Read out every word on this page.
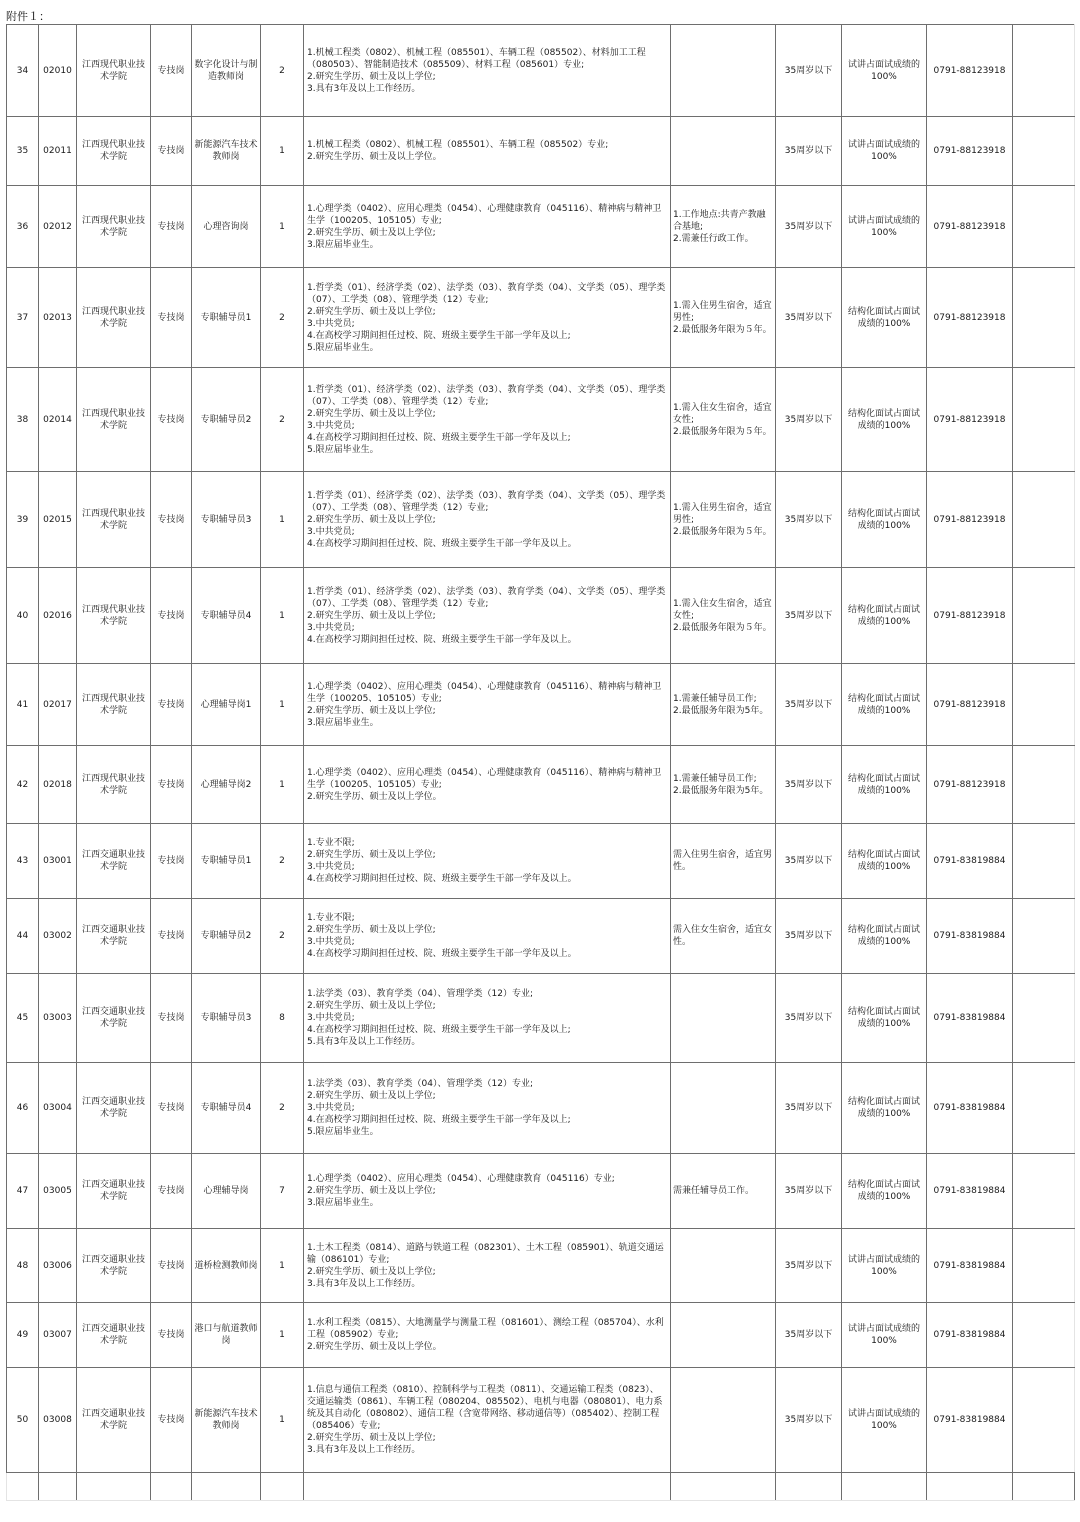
附件１：
34	02010	江西现代职业技术学院	专技岗	数字化设计与制造教师岗	2	1.机械工程类（0802）、机械工程（085501）、车辆工程（085502）、材料加工工程（080503）、智能制造技术（085509）、材料工程（085601）专业;
2.研究生学历、硕士及以上学位;
3.具有3年及以上工作经历。		35周岁以下	试讲占面试成绩的100%	0791-88123918	
35	02011	江西现代职业技术学院	专技岗	新能源汽车技术教师岗	1	1.机械工程类（0802）、机械工程（085501）、车辆工程（085502）专业;
2.研究生学历、硕士及以上学位。		35周岁以下	试讲占面试成绩的100%	0791-88123918	
36	02012	江西现代职业技术学院	专技岗	心理咨询岗	1	1.心理学类（0402）、应用心理类（0454）、心理健康教育（045116）、精神病与精神卫生学（100205、105105）专业;
2.研究生学历、硕士及以上学位;
3.限应届毕业生。	1.工作地点:共青产教融合基地;
2.需兼任行政工作。	35周岁以下	试讲占面试成绩的100%	0791-88123918	
37	02013	江西现代职业技术学院	专技岗	专职辅导员1	2	1.哲学类（01）、经济学类（02）、法学类（03）、教育学类（04）、文学类（05）、理学类（07）、工学类（08）、管理学类（12）专业;
2.研究生学历、硕士及以上学位;
3.中共党员;
4.在高校学习期间担任过校、院、班级主要学生干部一学年及以上;
5.限应届毕业生。	1.需入住男生宿舍，适宜男性;
2.最低服务年限为５年。	35周岁以下	结构化面试占面试成绩的100%	0791-88123918	
38	02014	江西现代职业技术学院	专技岗	专职辅导员2	2	1.哲学类（01）、经济学类（02）、法学类（03）、教育学类（04）、文学类（05）、理学类（07）、工学类（08）、管理学类（12）专业;
2.研究生学历、硕士及以上学位;
3.中共党员;
4.在高校学习期间担任过校、院、班级主要学生干部一学年及以上;
5.限应届毕业生。	1.需入住女生宿舍，适宜女性;
2.最低服务年限为５年。	35周岁以下	结构化面试占面试成绩的100%	0791-88123918	
39	02015	江西现代职业技术学院	专技岗	专职辅导员3	1	1.哲学类（01）、经济学类（02）、法学类（03）、教育学类（04）、文学类（05）、理学类（07）、工学类（08）、管理学类（12）专业;
2.研究生学历、硕士及以上学位;
3.中共党员;
4.在高校学习期间担任过校、院、班级主要学生干部一学年及以上。	1.需入住男生宿舍，适宜男性;
2.最低服务年限为５年。	35周岁以下	结构化面试占面试成绩的100%	0791-88123918	
40	02016	江西现代职业技术学院	专技岗	专职辅导员4	1	1.哲学类（01）、经济学类（02）、法学类（03）、教育学类（04）、文学类（05）、理学类（07）、工学类（08）、管理学类（12）专业;
2.研究生学历、硕士及以上学位;
3.中共党员;
4.在高校学习期间担任过校、院、班级主要学生干部一学年及以上。	1.需入住女生宿舍，适宜女性;
2.最低服务年限为５年。	35周岁以下	结构化面试占面试成绩的100%	0791-88123918	
41	02017	江西现代职业技术学院	专技岗	心理辅导岗1	1	1.心理学类（0402）、应用心理类（0454）、心理健康教育（045116）、精神病与精神卫生学（100205、105105）专业;
2.研究生学历、硕士及以上学位;
3.限应届毕业生。	1.需兼任辅导员工作;
2.最低服务年限为5年。	35周岁以下	结构化面试占面试成绩的100%	0791-88123918	
42	02018	江西现代职业技术学院	专技岗	心理辅导岗2	1	1.心理学类（0402）、应用心理类（0454）、心理健康教育（045116）、精神病与精神卫生学（100205、105105）专业;
2.研究生学历、硕士及以上学位。	1.需兼任辅导员工作;
2.最低服务年限为5年。	35周岁以下	结构化面试占面试成绩的100%	0791-88123918	
43	03001	江西交通职业技术学院	专技岗	专职辅导员1	2	1.专业不限;
2.研究生学历、硕士及以上学位;
3.中共党员;
4.在高校学习期间担任过校、院、班级主要学生干部一学年及以上。	需入住男生宿舍，适宜男性。	35周岁以下	结构化面试占面试成绩的100%	0791-83819884	
44	03002	江西交通职业技术学院	专技岗	专职辅导员2	2	1.专业不限;
2.研究生学历、硕士及以上学位;
3.中共党员;
4.在高校学习期间担任过校、院、班级主要学生干部一学年及以上。	需入住女生宿舍，适宜女性。	35周岁以下	结构化面试占面试成绩的100%	0791-83819884	
45	03003	江西交通职业技术学院	专技岗	专职辅导员3	8	1.法学类（03）、教育学类（04）、管理学类（12）专业;
2.研究生学历、硕士及以上学位;
3.中共党员;
4.在高校学习期间担任过校、院、班级主要学生干部一学年及以上;
5.具有3年及以上工作经历。		35周岁以下	结构化面试占面试成绩的100%	0791-83819884	
46	03004	江西交通职业技术学院	专技岗	专职辅导员4	2	1.法学类（03）、教育学类（04）、管理学类（12）专业;
2.研究生学历、硕士及以上学位;
3.中共党员;
4.在高校学习期间担任过校、院、班级主要学生干部一学年及以上;
5.限应届毕业生。		35周岁以下	结构化面试占面试成绩的100%	0791-83819884	
47	03005	江西交通职业技术学院	专技岗	心理辅导岗	7	1.心理学类（0402）、应用心理类（0454）、心理健康教育（045116）专业;
2.研究生学历、硕士及以上学位;
3.限应届毕业生。	需兼任辅导员工作。	35周岁以下	结构化面试占面试成绩的100%	0791-83819884	
48	03006	江西交通职业技术学院	专技岗	道桥检测教师岗	1	1.土木工程类（0814）、道路与铁道工程（082301）、土木工程（085901）、轨道交通运输（086101）专业;
2.研究生学历、硕士及以上学位;
3.具有3年及以上工作经历。		35周岁以下	试讲占面试成绩的100%	0791-83819884	
49	03007	江西交通职业技术学院	专技岗	港口与航道教师岗	1	1.水利工程类（0815）、大地测量学与测量工程（081601）、测绘工程（085704）、水利工程（085902）专业;
2.研究生学历、硕士及以上学位。		35周岁以下	试讲占面试成绩的100%	0791-83819884	
50	03008	江西交通职业技术学院	专技岗	新能源汽车技术教师岗	1	1.信息与通信工程类（0810）、控制科学与工程类（0811）、交通运输工程类（0823）、交通运输类（0861）、车辆工程（080204、085502）、电机与电器（080801）、电力系统及其自动化（080802）、通信工程（含宽带网络、移动通信等）（085402）、控制工程（085406）专业;
2.研究生学历、硕士及以上学位;
3.具有3年及以上工作经历。		35周岁以下	试讲占面试成绩的100%	0791-83819884	
